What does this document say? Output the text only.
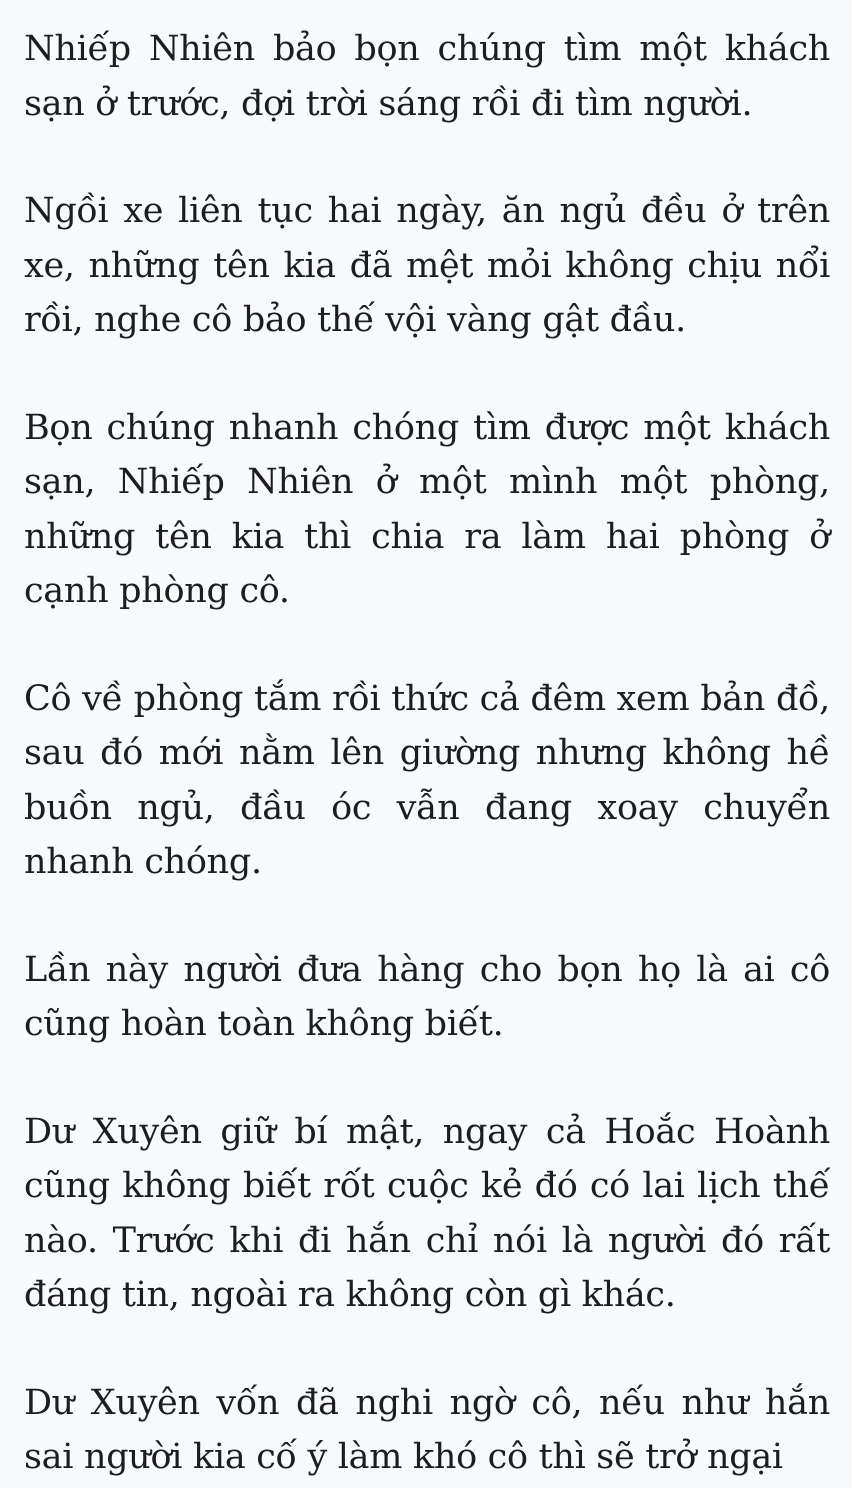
Nhiếp Nhiên bảo bọn chúng tìm một khách sạn ở trước, đợi trời sáng rồi đi tìm người.

Ngồi xe liên tục hai ngày, ăn ngủ đều ở trên xe, những tên kia đã mệt mỏi không chịu nổi rồi, nghe cô bảo thế vội vàng gật đầu.

Bọn chúng nhanh chóng tìm được một khách sạn, Nhiếp Nhiên ở một mình một phòng, những tên kia thì chia ra làm hai phòng ở cạnh phòng cô.

Cô về phòng tắm rồi thức cả đêm xem bản đồ, sau đó mới nằm lên giường nhưng không hề buồn ngủ, đầu óc vẫn đang xoay chuyển nhanh chóng.

Lần này người đưa hàng cho bọn họ là ai cô cũng hoàn toàn không biết.

Dư Xuyên giữ bí mật, ngay cả Hoắc Hoành cũng không biết rốt cuộc kẻ đó có lai lịch thế nào. Trước khi đi hắn chỉ nói là người đó rất đáng tin, ngoài ra không còn gì khác.

Dư Xuyên vốn đã nghi ngờ cô, nếu như hắn sai người kia cố ý làm khó cô thì sẽ trở ngại
